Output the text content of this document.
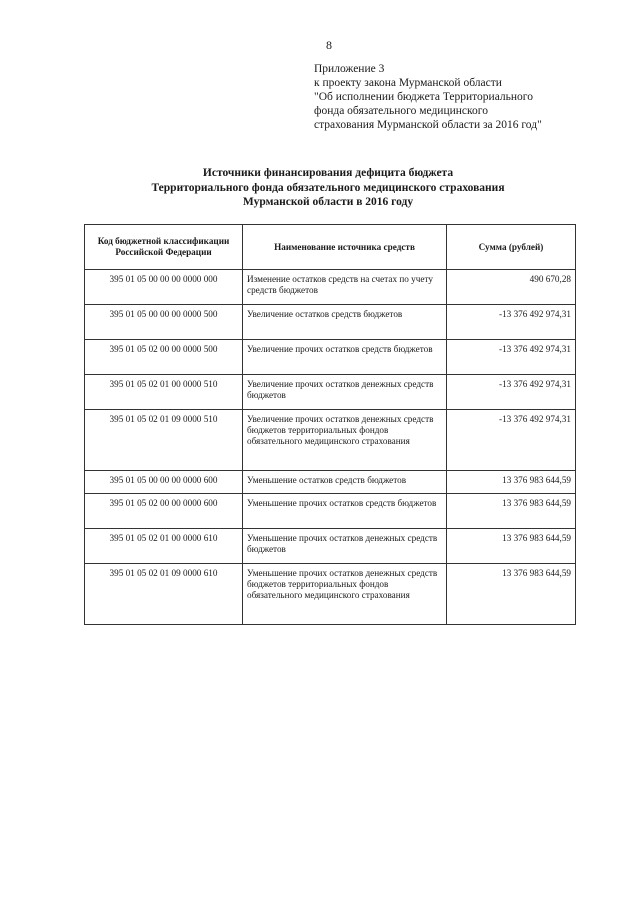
8
Приложение 3
к проекту закона Мурманской области
"Об исполнении бюджета Территориального
фонда обязательного медицинского
страхования Мурманской области за 2016 год"
Источники финансирования дефицита бюджета
Территориального фонда обязательного медицинского страхования
Мурманской области в 2016 году
Код бюджетной классификации Российской Федерации	Наименование источника средств	Сумма (рублей)
395 01 05 00 00 00 0000 000	Изменение остатков средств на счетах по учету средств бюджетов	490 670,28
395 01 05 00 00 00 0000 500	Увеличение остатков средств бюджетов	-13 376 492 974,31
395 01 05 02 00 00 0000 500	Увеличение прочих остатков средств бюджетов	-13 376 492 974,31
395 01 05 02 01 00 0000 510	Увеличение прочих остатков денежных средств бюджетов	-13 376 492 974,31
395 01 05 02 01 09 0000 510	Увеличение прочих остатков денежных средств бюджетов территориальных фондов обязательного медицинского страхования	-13 376 492 974,31
395 01 05 00 00 00 0000 600	Уменьшение остатков средств бюджетов	13 376 983 644,59
395 01 05 02 00 00 0000 600	Уменьшение прочих остатков средств бюджетов	13 376 983 644,59
395 01 05 02 01 00 0000 610	Уменьшение прочих остатков денежных средств бюджетов	13 376 983 644,59
395 01 05 02 01 09 0000 610	Уменьшение прочих остатков денежных средств бюджетов территориальных фондов обязательного медицинского страхования	13 376 983 644,59
